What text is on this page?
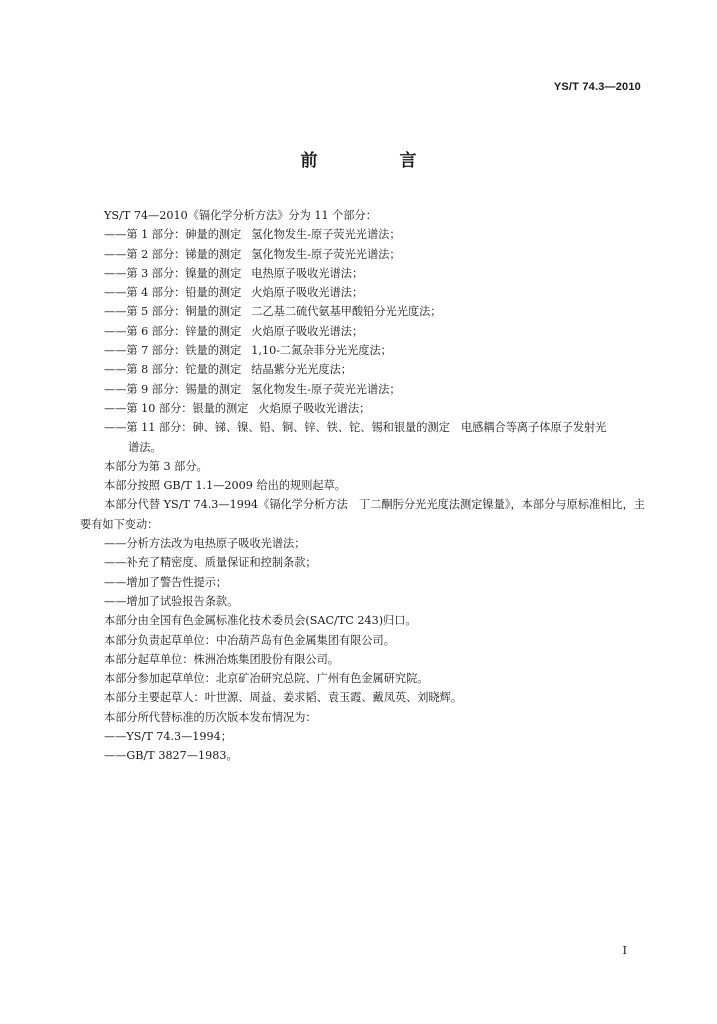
YS/T 74.3—2010
前 言
YS/T 74—2010《镉化学分析方法》分为 11 个部分：
——第 1 部分：砷量的测定 氢化物发生-原子荧光光谱法；
——第 2 部分：锑量的测定 氢化物发生-原子荧光光谱法；
——第 3 部分：镍量的测定 电热原子吸收光谱法；
——第 4 部分：铅量的测定 火焰原子吸收光谱法；
——第 5 部分：铜量的测定 二乙基二硫代氨基甲酸铅分光光度法；
——第 6 部分：锌量的测定 火焰原子吸收光谱法；
——第 7 部分：铁量的测定 1,10-二氮杂菲分光光度法；
——第 8 部分：铊量的测定 结晶紫分光光度法；
——第 9 部分：锡量的测定 氢化物发生-原子荧光光谱法；
——第 10 部分：银量的测定 火焰原子吸收光谱法；
——第 11 部分：砷、锑、镍、铅、铜、锌、铁、铊、锡和银量的测定　电感耦合等离子体原子发射光
谱法。
本部分为第 3 部分。
本部分按照 GB/T 1.1—2009 给出的规则起草。

本部分代替 YS/T 74.3—1994《镉化学分析方法　丁二酮肟分光光度法测定镍量》，本部分与原标准相比，主要有如下变动：

——分析方法改为电热原子吸收光谱法；
——补充了精密度、质量保证和控制条款；
——增加了警告性提示；
——增加了试验报告条款。
本部分由全国有色金属标准化技术委员会(SAC/TC 243)归口。
本部分负责起草单位：中冶葫芦岛有色金属集团有限公司。
本部分起草单位：株洲冶炼集团股份有限公司。
本部分参加起草单位：北京矿冶研究总院、广州有色金属研究院。
本部分主要起草人：叶世源、周益、姜求韬、袁玉霞、戴凤英、刘晓辉。
本部分所代替标准的历次版本发布情况为：
——YS/T 74.3—1994；
——GB/T 3827—1983。
I
